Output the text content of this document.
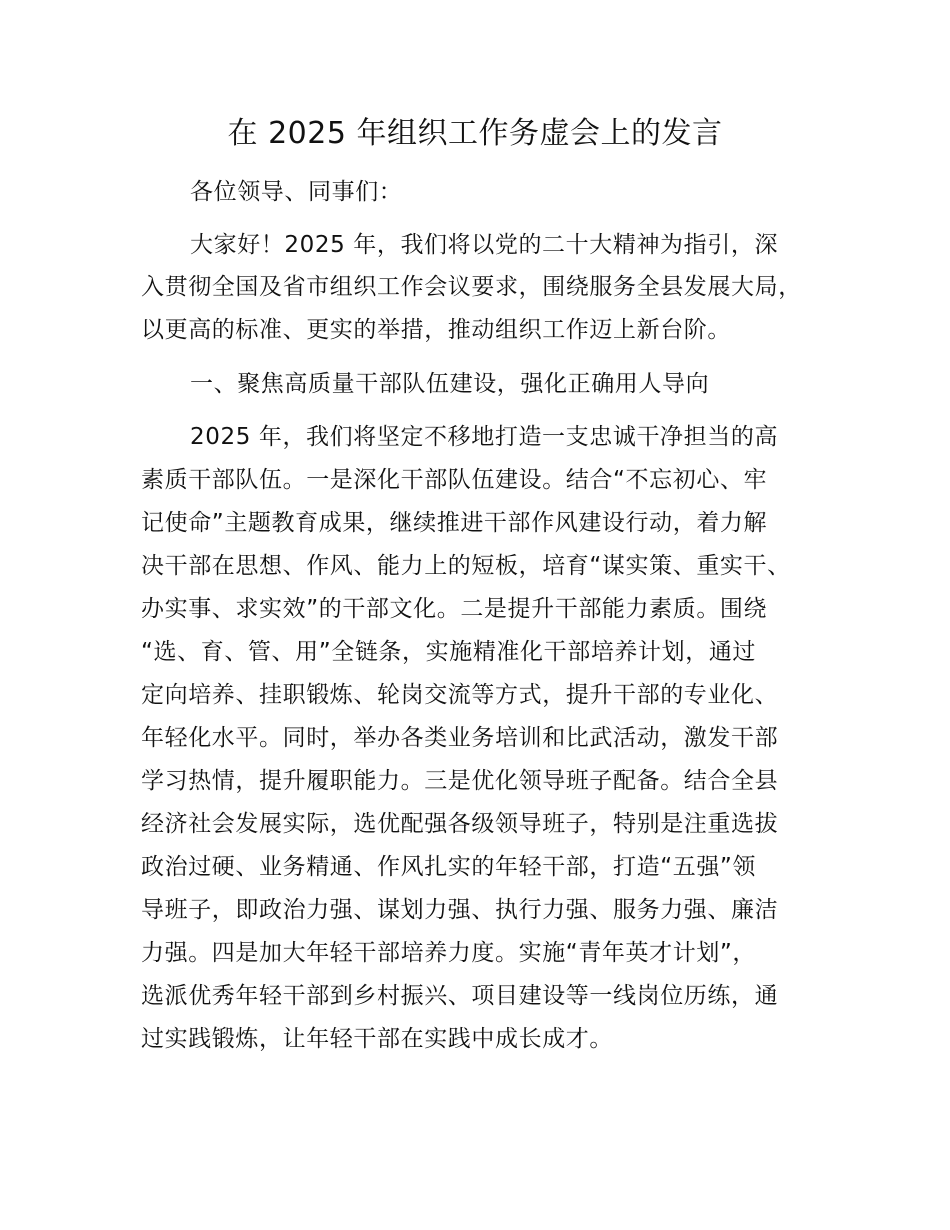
在 2025 年组织工作务虚会上的发言

各位领导、同事们：

大家好！2025 年，我们将以党的二十大精神为指引，深

入贯彻全国及省市组织工作会议要求，围绕服务全县发展大局，

以更高的标准、更实的举措，推动组织工作迈上新台阶。

一、聚焦高质量干部队伍建设，强化正确用人导向

2025 年，我们将坚定不移地打造一支忠诚干净担当的高

素质干部队伍。一是深化干部队伍建设。结合“不忘初心、牢

记使命”主题教育成果，继续推进干部作风建设行动，着力解

决干部在思想、作风、能力上的短板，培育“谋实策、重实干、

办实事、求实效”的干部文化。二是提升干部能力素质。围绕

“选、育、管、用”全链条，实施精准化干部培养计划，通过

定向培养、挂职锻炼、轮岗交流等方式，提升干部的专业化、

年轻化水平。同时，举办各类业务培训和比武活动，激发干部

学习热情，提升履职能力。三是优化领导班子配备。结合全县

经济社会发展实际，选优配强各级领导班子，特别是注重选拔

政治过硬、业务精通、作风扎实的年轻干部，打造“五强”领

导班子，即政治力强、谋划力强、执行力强、服务力强、廉洁

力强。四是加大年轻干部培养力度。实施“青年英才计划”，

选派优秀年轻干部到乡村振兴、项目建设等一线岗位历练，通

过实践锻炼，让年轻干部在实践中成长成才。
